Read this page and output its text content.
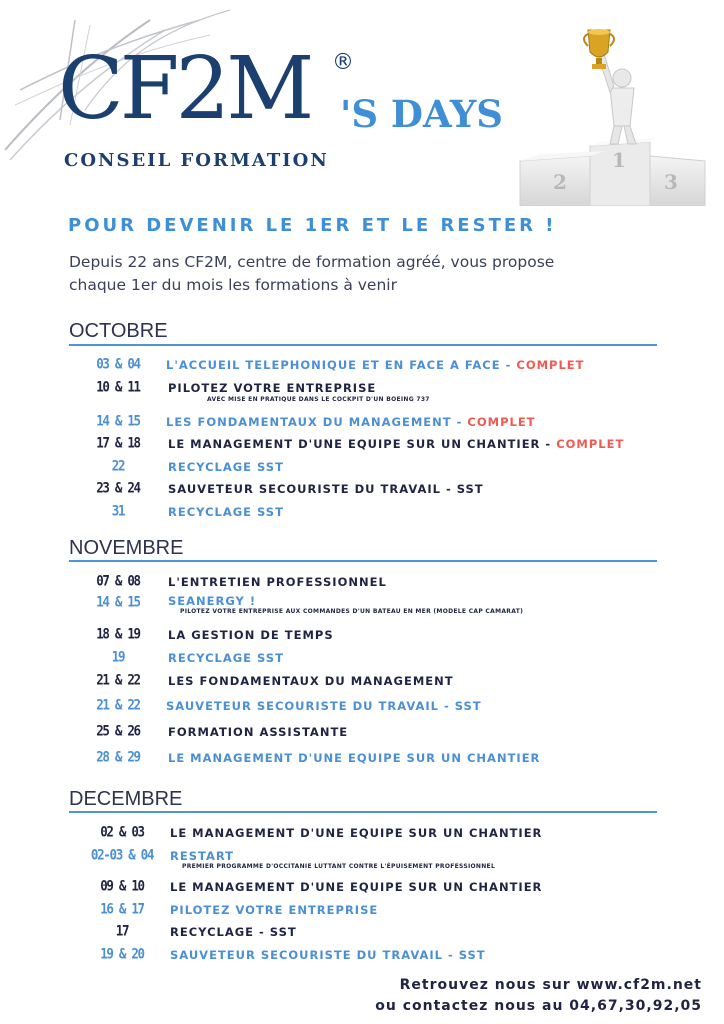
CF2M ®
'S DAYS
CONSEIL FORMATION
2
1
3
POUR DEVENIR LE 1ER ET LE RESTER !
Depuis 22 ans CF2M, centre de formation agréé, vous propose
chaque 1er du mois les formations à venir
OCTOBRE
03 & 04	L'ACCUEIL TELEPHONIQUE ET EN FACE A FACE - COMPLET
10 & 11	PILOTEZ VOTRE ENTREPRISE
AVEC MISE EN PRATIQUE DANS LE COCKPIT D'UN BOEING 737
14 & 15	LES FONDAMENTAUX DU MANAGEMENT - COMPLET
17 & 18	LE MANAGEMENT D'UNE EQUIPE SUR UN CHANTIER - COMPLET
22	RECYCLAGE SST
23 & 24	SAUVETEUR SECOURISTE DU TRAVAIL - SST
31	RECYCLAGE SST
NOVEMBRE
07 & 08	L'ENTRETIEN PROFESSIONNEL
14 & 15	SEANERGY !
PILOTEZ VOTRE ENTREPRISE AUX COMMANDES D'UN BATEAU EN MER (MODELE CAP CAMARAT)
18 & 19	LA GESTION DE TEMPS
19	RECYCLAGE SST
21 & 22	LES FONDAMENTAUX DU MANAGEMENT
21 & 22	SAUVETEUR SECOURISTE DU TRAVAIL - SST
25 & 26	FORMATION ASSISTANTE
28 & 29	LE MANAGEMENT D'UNE EQUIPE SUR UN CHANTIER
DECEMBRE
02 & 03	LE MANAGEMENT D'UNE EQUIPE SUR UN CHANTIER
02-03 & 04	RESTART
PREMIER PROGRAMME D'OCCITANIE LUTTANT CONTRE L'ÉPUISEMENT PROFESSIONNEL
09 & 10	LE MANAGEMENT D'UNE EQUIPE SUR UN CHANTIER
16 & 17	PILOTEZ VOTRE ENTREPRISE
17	RECYCLAGE - SST
19 & 20	SAUVETEUR SECOURISTE DU TRAVAIL - SST
Retrouvez nous sur www.cf2m.net
ou contactez nous au 04,67,30,92,05
